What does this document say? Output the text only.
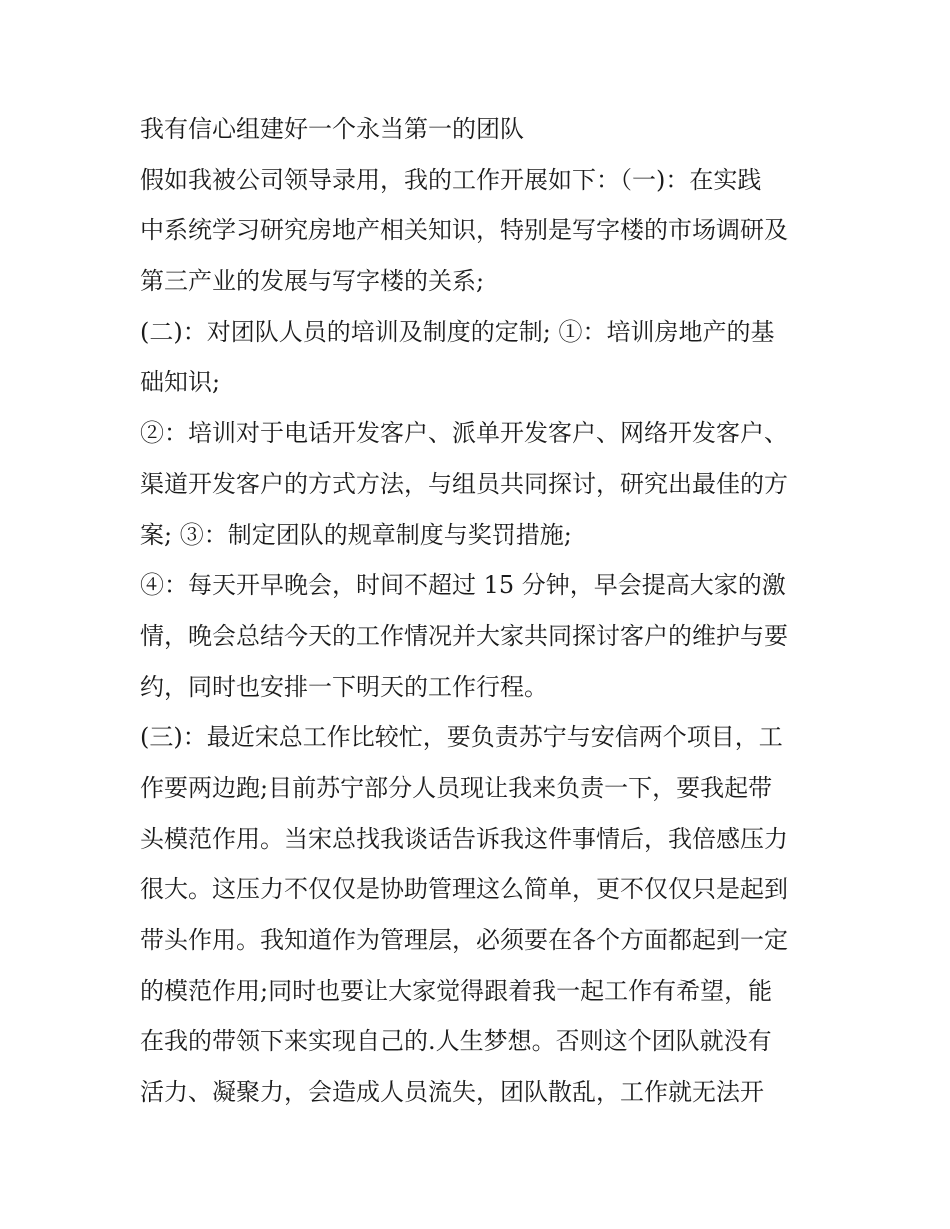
我有信心组建好一个永当第一的团队
假如我被公司领导录用，我的工作开展如下：（一)：在实践
中系统学习研究房地产相关知识，特别是写字楼的市场调研及
第三产业的发展与写字楼的关系;
(二)：对团队人员的培训及制度的定制; ①：培训房地产的基
础知识;
②：培训对于电话开发客户、派单开发客户、网络开发客户、
渠道开发客户的方式方法，与组员共同探讨，研究出最佳的方
案; ③：制定团队的规章制度与奖罚措施;
④：每天开早晚会，时间不超过 15 分钟，早会提高大家的激
情，晚会总结今天的工作情况并大家共同探讨客户的维护与要
约，同时也安排一下明天的工作行程。
(三)：最近宋总工作比较忙，要负责苏宁与安信两个项目，工
作要两边跑;目前苏宁部分人员现让我来负责一下，要我起带
头模范作用。当宋总找我谈话告诉我这件事情后，我倍感压力
很大。这压力不仅仅是协助管理这么简单，更不仅仅只是起到
带头作用。我知道作为管理层，必须要在各个方面都起到一定
的模范作用;同时也要让大家觉得跟着我一起工作有希望，能
在我的带领下来实现自己的.人生梦想。否则这个团队就没有
活力、凝聚力，会造成人员流失，团队散乱，工作就无法开
